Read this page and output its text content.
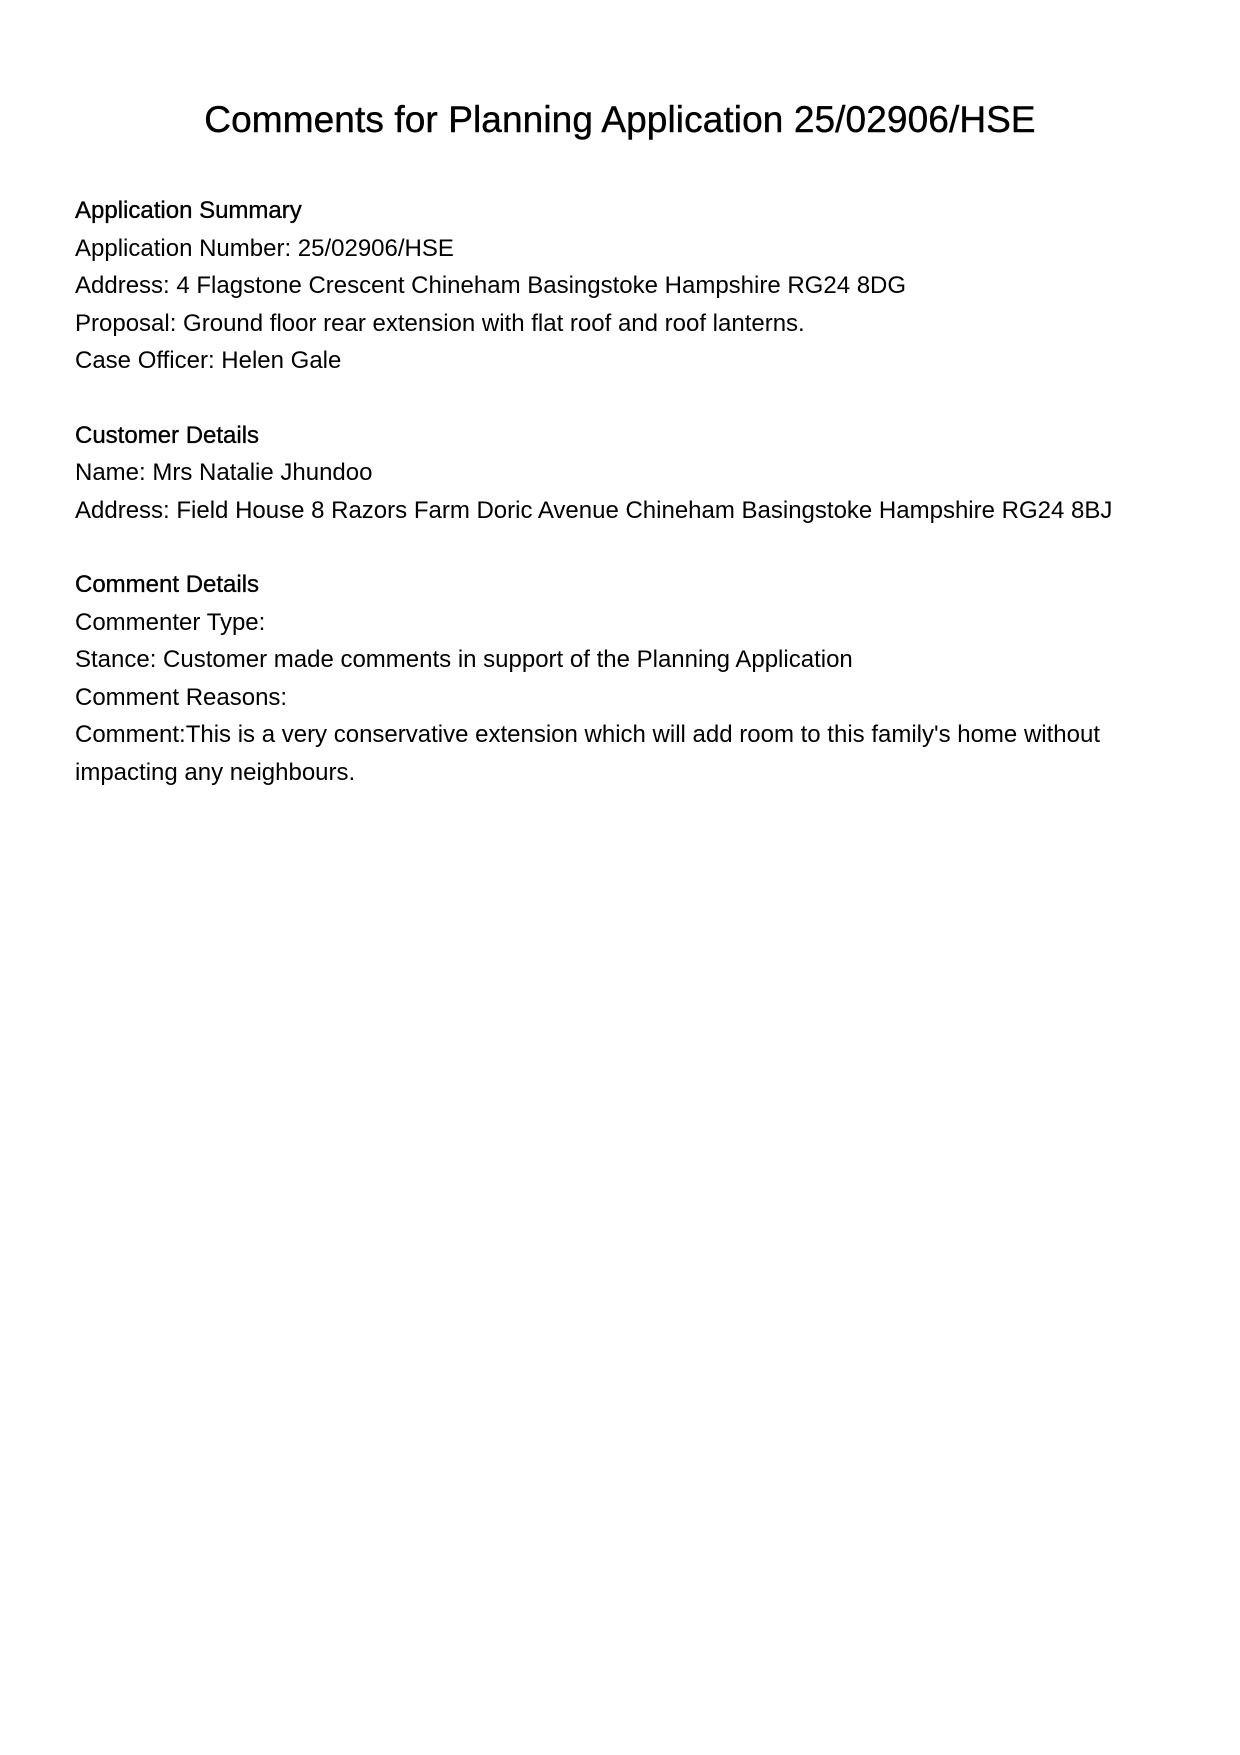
Comments for Planning Application 25/02906/HSE
Application Summary

Application Number: 25/02906/HSE

Address: 4 Flagstone Crescent Chineham Basingstoke Hampshire RG24 8DG

Proposal: Ground floor rear extension with flat roof and roof lanterns.

Case Officer: Helen Gale

Customer Details

Name: Mrs Natalie Jhundoo

Address: Field House 8 Razors Farm Doric Avenue Chineham Basingstoke Hampshire RG24 8BJ

Comment Details

Commenter Type:

Stance: Customer made comments in support of the Planning Application

Comment Reasons:

Comment:This is a very conservative extension which will add room to this family's home without impacting any neighbours.
